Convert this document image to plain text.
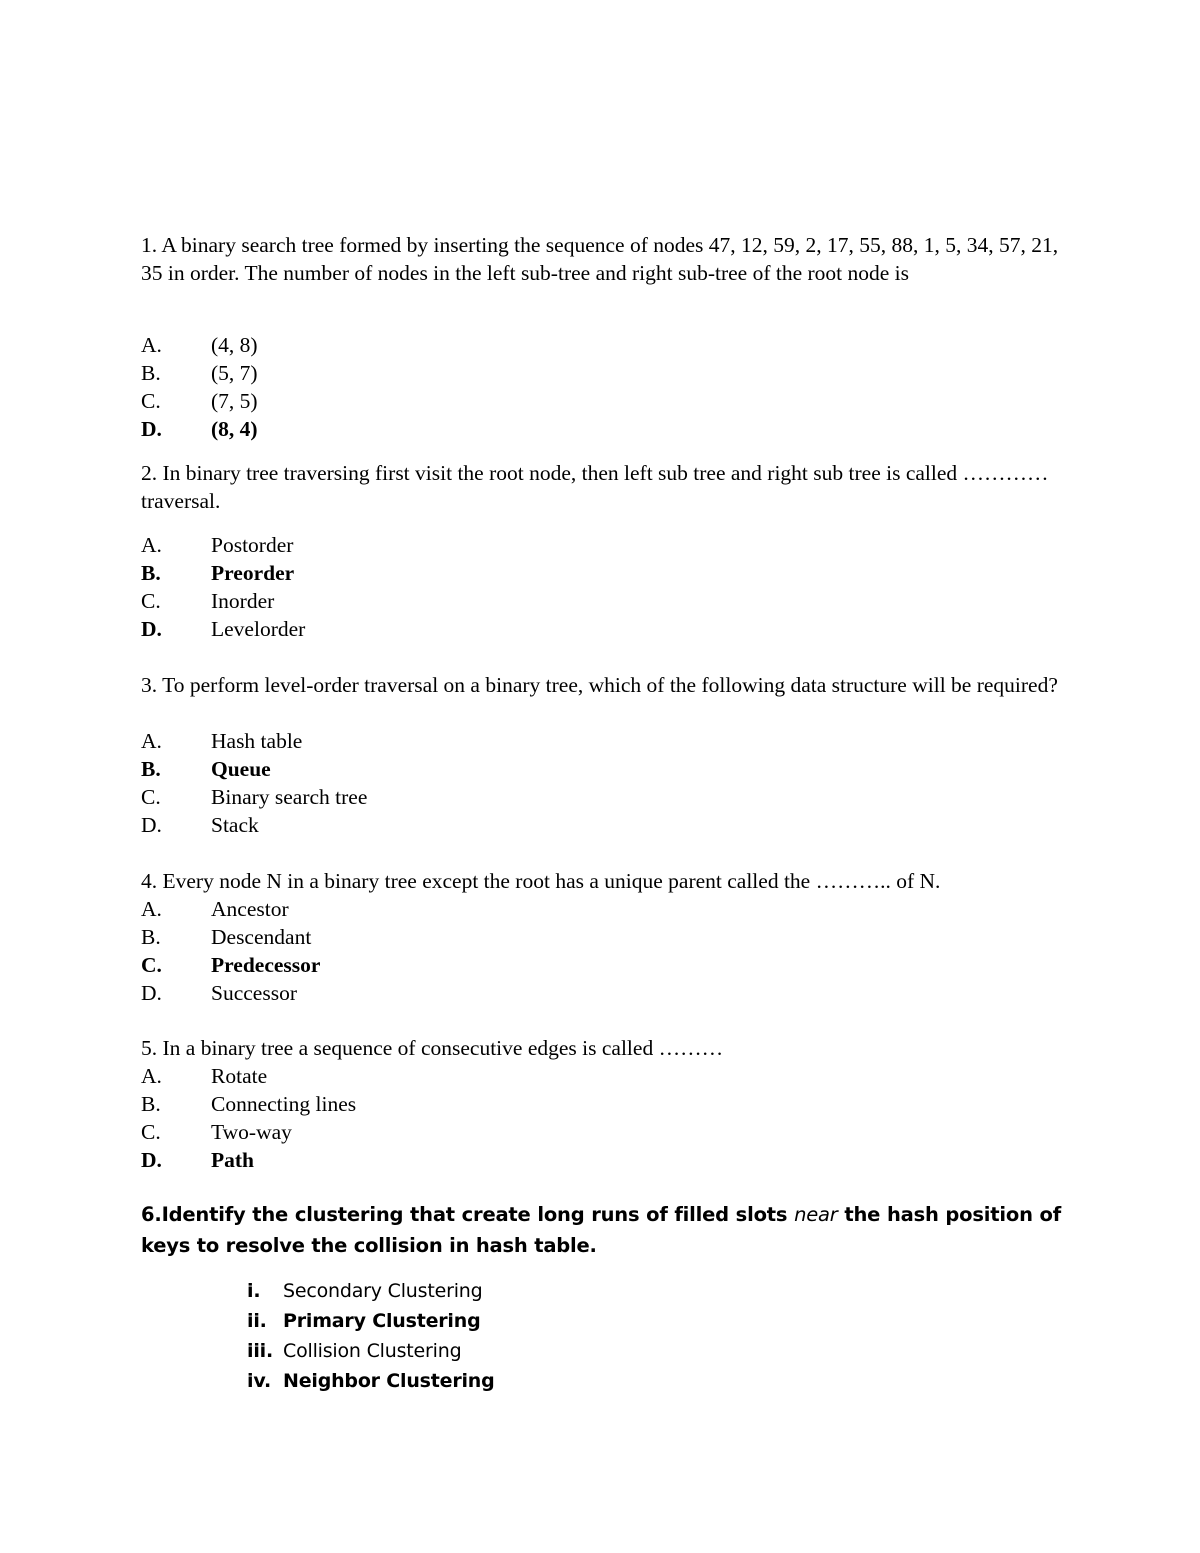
1. A binary search tree formed by inserting the sequence of nodes 47, 12, 59, 2, 17, 55, 88, 1, 5, 34, 57, 21, 35 in order. The number of nodes in the left sub-tree and right sub-tree of the root node is

A.	(4, 8)
B.	(5, 7)
C.	(7, 5)
D.	(8, 4)

2. In binary tree traversing first visit the root node, then left sub tree and right sub tree is called ………… traversal.

A.	Postorder
B.	Preorder
C.	Inorder
D.	Levelorder

3. To perform level-order traversal on a binary tree, which of the following data structure will be required?

A.	Hash table
B.	Queue
C.	Binary search tree
D.	Stack

4. Every node N in a binary tree except the root has a unique parent called the ……….. of N.

A.	Ancestor
B.	Descendant
C.	Predecessor
D.	Successor

5. In a binary tree a sequence of consecutive edges is called ………

A.	Rotate
B.	Connecting lines
C.	Two-way
D.	Path

6.Identify the clustering that create long runs of filled slots near the hash position of keys to resolve the collision in hash table.

i.	Secondary Clustering
ii. Primary Clustering
iii. Collision Clustering
iv. Neighbor Clustering
